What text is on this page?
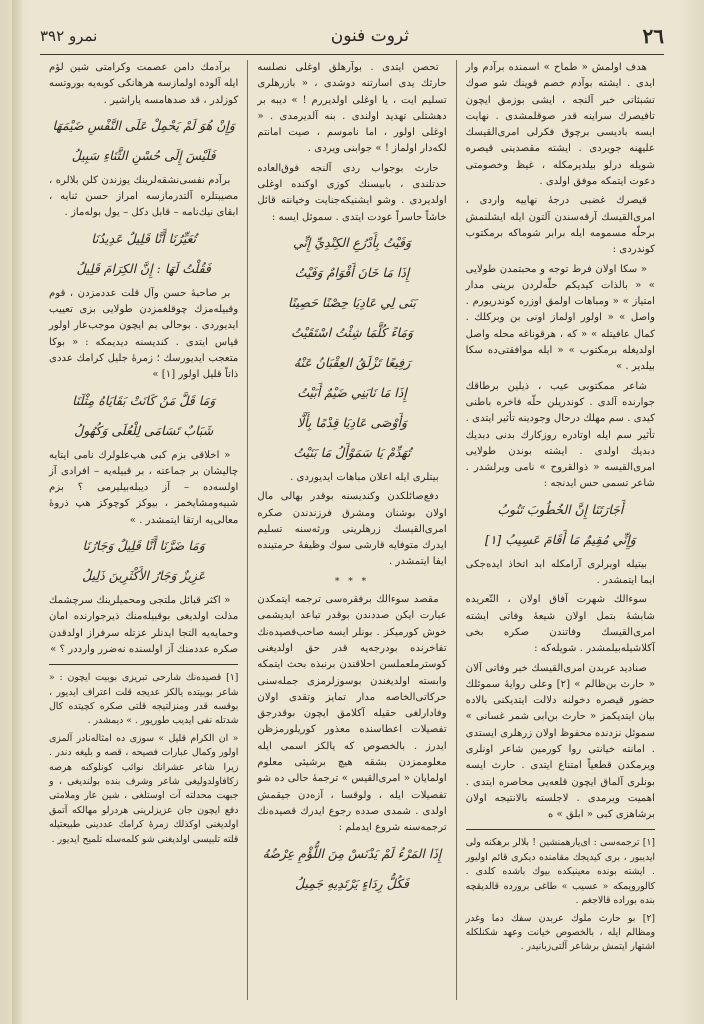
٢٦
ثروت فنون
نمرو ٣٩٢

هدف اولمش « طماح » اسمنده برآدم وار ایدی . ایشته بوآدم خصم قوینك شو صوك تشبثاتی خبر آلنجه ، ایشی بوزمق ایچون تافیصرك سراینه قدر صوقلمشدی . نهایت ایسه بادیسی برچوق فکرلی امری‌القیسك علیهنه جویردی . ایشته مقصدینی قیصره شویله درلو بیلدیرمکله ، غیظ وخصومتی دعوت ایتمکه موفق اولدی .

قیصرك غضبی درجهٔ نهاییه واردی ، امری‌القیسك آرقه‌سندن آلتون ایله ایشلنمش برحلّه مسمومه ایله برابر شوماکه برمکتوب کوندردی :

« سکا اولان فرط توجه و محبتمدن طولایی » « بالذات کیدیکم حلّه‌لردن برینی مدار امتیاز » « ومباهات اولمق اوزره کوندریورم . واصل » « اولور اولماز اونی بن وبرکلك . کمال عافیتله » « که ، هرقوناغه محله واصل اولدیغله برمکتوب » « ایله موافقتی‌ده سکا بیلدیر . »

شاعر ممکتوبی عیب ، ذیلین برطاقك جوارنده آلدی . کوندریلن حلّه فاخره باطنی کیدی . سم مهلك درحال وجودینه تأثیر ایتدی . تأثیر سم ایله اوتادره روزکارك بدنی دبدیك دبدیك اولدی . ایشته بوندن طولایی امری‌القیسه « ذوالقروح » نامی ویرلشدر . شاعر تسمی حس ایدنجه :

أَجَارَتَنَا إِنَّ الخُطُوبَ تَنُوبُ
وَإِنِّي مُقِيمٌ مَا أَقَامَ عَسِيبُ [١]

بیتیله اوبرلری آرامکله ابد اتخاذ ایده‌جکی ایما ایتمشدر .

سوءالك شهرت آفاق اولان ، التّعریده شابشهٔ بتمل اولان شیعهٔ وفاتی ایشته امری‌القیسك وفاتندن صکره بخی آکلاشیله‌بیلمشدر . شویله‌که :

صنادید عربدن امری‌القیسك خبر وفاتی آلان « حارث بن‌ظالم » [٢] وعلی روایهٔ سموئلك حضور قیصره دخولنه دلالت ایتدیکنی بالاده بیان ایتدیکمز « حارث بن‌ابی شمر غسانی » سموئل نزدنده محفوظ اولان زرهلری ایستدی . امانته خیانتی روا کورمین شاعر اونلری ویرمکدن قطعیاً امتناع ایتدی . حارث ایسه بونلری آلماق ایچون قلعه‌یی محاصره ایتدی . اهمیت ویرمدی . لاجلسته بالانتیجه اولان برشاهزی کبی « ابلق » ه

[١] ترجمه‌سی : ای‌یارهمنشین ! بلالر برهکنه ولی ایدیبور ، بری کیدیجك مقامنده دیکری قائم اولیور . ایشته بونده معینیکده بیوك باشده کلدی . کالورویمکه « عسیب » طاغی برورده قالدیقچه بنده بوراده قالاجغم .

[٢] بو حارث ملوك عربدن سفك دما وغدر ومظالم ایله ، بالخصوص خیانت وعهد شکنلکله اشتهار ایتمش برشاعر آلتی‌زبانیدر .

تحصن ایتدی . بوآرهلق اوغلی نصلسه حارثك یدی اسارتنه دوشدی ، « بازرهلری تسلیم ایت ، یا اوغلی اولدیررم ! » دیبه بر دهشتلی تهدید اولندی . بنه آلدیرمدی . « اوغلی اولور ، اما ناموسم ، صیت امانتم لکه‌دار اولماز ! » جوابنی ویردی .

حارث بوجواب ردی آلنجه فوق‌العاده حدتلندی ، بابیسنك کوزی اوکنده اوغلی اولدیردی . وشو ایشنیکه‌جنایت وخیانته قائل خاشاً حاسراً عودت ایتدی . سموئل ایسه :

وَفَيْتُ بِأَدْرُعِ الكِنْدِيِّ إِنِّي
إِذَا مَا خَانَ أَقْوَامٌ وَفَيْتُ
بَنَى لِي عَادِيَا حِصْنًا حَصِينًا
وَمَاءً كُلَّمَا شِئْتُ اسْتَقَيْتُ
رَفِيعًا تَزْلَقُ العِقْبَانُ عَنْهُ
إِذَا مَا نَابَنِي ضَيْمٌ أَبَيْتُ
وَأَوْصَى عَادِيَا قِدْمًا بِأَلَّا
تُهَدِّمْ يَا سَمَوْأَلُ مَا بَنَيْتُ

بیتلری ایله اعلان مباهات ایدیوردی .

دفع‌صائلکدن وکندیسنه بوقدر بهالی مال اولان بوشنان ومشرق فرزندندن صکره امری‌القیسك زرهلرینی ورثه‌سنه تسلیم ایدرك متوفایه قارشی سوك وظیفهٔ حرمتینده ایفا ایتمشدر .

* * *

مقصد سوءالك برفقره‌سی ترجمه ایتمکدن عبارت ایکن صددندن بوقدر تباعد ایدیشمی خوش کورمیكز . بونلر ایسه صاحب‌قصیده‌نك تفاخرنده بودرجه‌یه قدر حق اولدیغنی کوسترملعملسن احلاقندن برنبذه بحث ایتمکه وابسته اولدیغندن بوسوزلرمزی جمله‌سنی حرکاتی‌الخاصه مدار تمایز وتقدی اولان وفادارلغی حقیله آکلامق ایچون بوقدرجق تفصیلات اعطاسنده معذور کوریلورمزظن ایدرز . بالخصوص که یالکز اسمی ایله معلوممزدن بشقه هیچ برشیئی معلوم اولمایان « امری‌القیس » ترجمهٔ حالی ده شو تفصیلات ایله ، ولوقسا ، آزه‌دن جیقمش اولدی . شمدی صدده رجوع ایدرك قصیده‌نك ترجمه‌سنه شروع ایدملم :

إِذَا المَرْءُ لَمْ يَدْنَسْ مِنَ اللُّؤْمِ عِرْضُهُ
فَكُلُّ رِدَاءٍ يَرْتَدِيهِ جَمِيلُ

برآدمك دامن عصمت وکرامتی شین لؤم ایله آلوده اولمازسه هرهانکی کوبه‌یه بوروتسه کوزلدر ، قد صدهامسه یاراشیر .

وَإِنْ هُوَ لَمْ يَحْمِلْ عَلَى النَّفْسِ ضَيْمَهَا
فَلَيْسَ إِلَى حُسْنِ الثَّنَاءِ سَبِيلُ

برآدم نفسی‌نشقه‌لرینك یوزندن کلن بلالره ، مصیبتلره آلتدرمازسه امراز حسن ثنایه ، ابقای نیك‌نامه – قابل دکل – یول بوله‌ماز .

تُعَيِّرُنَا أَنَّا قَلِيلٌ عَدِيدُنَا
فَقُلْتُ لَهَا : إِنَّ الكِرَامَ قَلِيلُ

بر صاحبهٔ حسن وآل قلت عددمزدن ، قوم وقبیله‌مزك چوقلغمزدن طولایی بزی تعییب ایدیوردی . بوحالی بم ایچون موجب‌عار اولور قیاس ایتدی . کندیسنه دیدیمکه : « بوکا متعجب ایدیورسك ؛ زمرهٔ جلیل کرامك عددی ذاتاً قلیل اولور [١] »

وَمَا قَلَّ مَنْ كَانَتْ بَقَايَاهُ مِثْلَنَا
شَبَابٌ تَسَامَى لِلْعُلَى وَكُهُولُ

« اخلاقی بزم کبی هپ‌علولرك نامی ایتایه چالیشان بر جماعته ، بر قبیله‌یه – افرادی آز اولسه‌ده – آز دیبله‌بیلیرمی ؟ بزم شبیه‌ومشایخمز ، بیوکز کوچوکز هپ ذروهٔ معالی‌یه ارتقا ایتمشدر . »

وَمَا ضَرَّنَا أَنَّا قَلِيلٌ وَجَارُنَا
عَزِيزٌ وَجَارُ الأَكْثَرِينَ ذَلِيلُ

« اکثر قبائل ملتجی ومحمیلرینك سرچشمك مذلت اولدیغی بوقبیله‌منك ذیرجوارنده امان وحمایه‌یه التجا ایدنلر عزتله سرفراز اولدقدن صکره عدد‌منك آز اولسنده نه‌ضرر وارد‌در ؟ »

[١] قصیده‌نك شارحی تبریزی بوبیت ایچون : « شاعر بوبیتده یالکز عدیجه قلت اعتراف ایدیور ، بوقسه قدر ومنزلتیجه قلتی صکره کچیتده کال شدتله نفی ایدیب طوریور . » دیمشدر .

« ان الکرام قلیل » سوزی ده امثاله‌نادر آلمزی اولور وکمال عبارات فصیحه ، قصه و بلیغه دندر . زیرا شاعر عشرانك نوائب کونلوكنه هرصه زکافاولدولیغی شاعر وشرف بنده بولندیغی ، و جبهت محدلته آت اوستلغی ، شین عار وملامتی دفع ایچون جان عزیزلرینی هردرلو مهالکه آتمق اولدیغنی اوکذلك زمرهٔ کرامك عددینی طبیعتیله قلته تلبیسی اولدیغنی شو کلمه‌سله تلمیح ایدیور .
